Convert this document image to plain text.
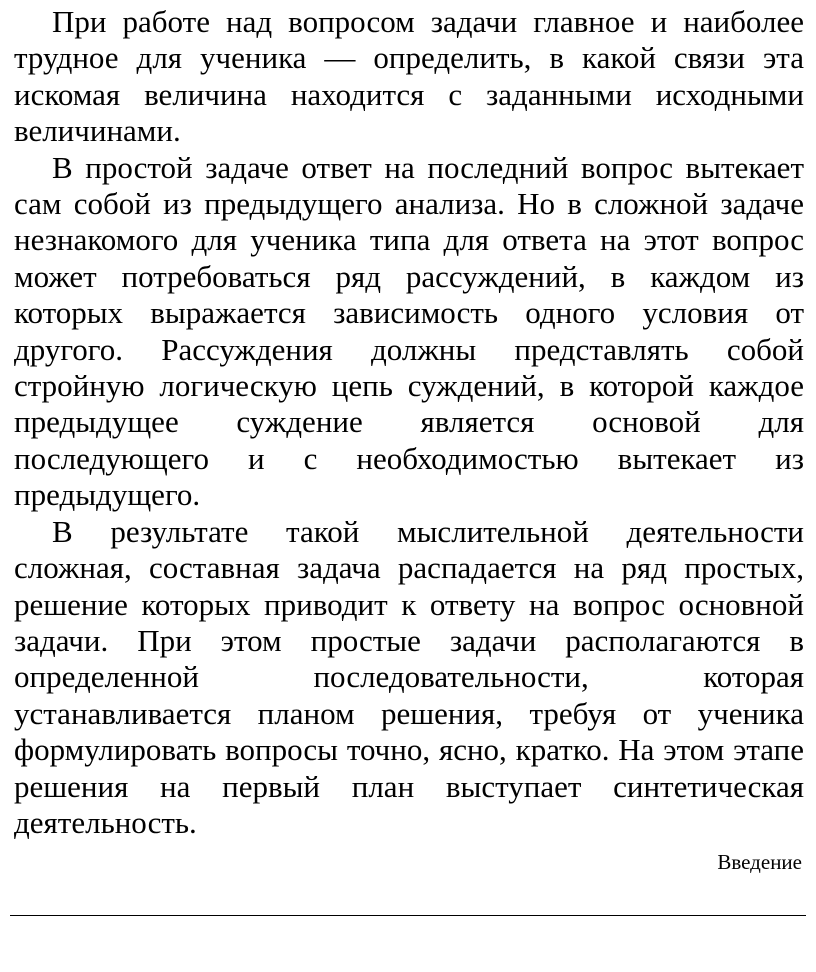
При работе над вопросом задачи главное и наиболее трудное для ученика — определить, в какой связи эта искомая величина находится с заданными исходными величинами.

В простой задаче ответ на последний вопрос вытекает сам собой из предыдущего анализа. Но в сложной задаче незнакомого для ученика типа для ответа на этот вопрос может потребоваться ряд рассуждений, в каждом из которых выражается зависимость одного условия от другого. Рассуждения должны представлять собой стройную логическую цепь суждений, в которой каждое предыдущее суждение является основой для последующего и с необходимостью вытекает из предыдущего.

В результате такой мыслительной деятельности сложная, составная задача распадается на ряд простых, решение которых приводит к ответу на вопрос основной задачи. При этом простые задачи располагаются в определенной последовательности, которая устанавливается планом решения, требуя от ученика формулировать вопросы точно, ясно, кратко. На этом этапе решения на первый план выступает синтетическая деятельность.

Введение
